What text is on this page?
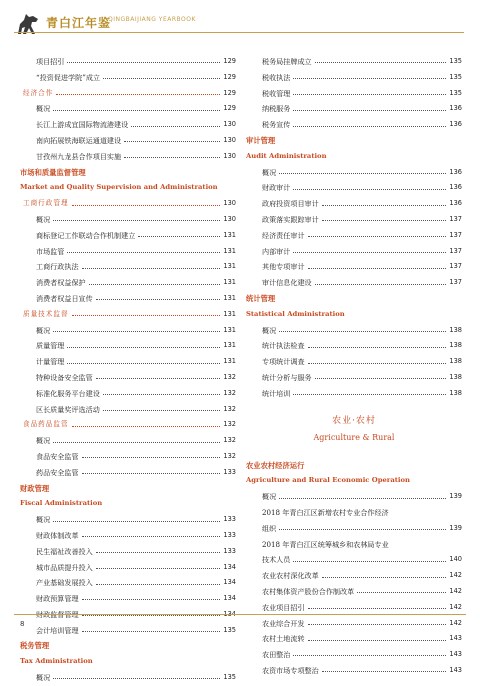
青白江年鉴
QINGBAIJIANG YEARBOOK
项目招引	129
“投资促进学院”成立	129
经济合作	129
概况	129
长江上游成宜国际物流港建设	130
南向拓展铁海联运通道建设	130
甘孜州九龙县合作项目实施	130
市场和质量监督管理
Market and Quality Supervision and Administration
工商行政管理	130
概况	130
商标登记工作联动合作机制建立	131
市场监管	131
工商行政执法	131
消费者权益保护	131
消费者权益日宣传	131
质量技术监督	131
概况	131
质量管理	131
计量管理	131
特种设备安全监管	132
标准化服务平台建设	132
区长质量奖评选活动	132
食品药品监管	132
概况	132
食品安全监管	132
药品安全监管	133
财政管理
Fiscal Administration
概况	133
财政体制改革	133
民生福祉改善投入	133
城市品质提升投入	134
产业基础发展投入	134
财政预算管理	134
会计培训管理	135
税务管理
Tax Administration
概况	135
税务局挂牌成立	135
税收执法	135
税收管理	135
纳税服务	136
税务宣传	136
审计管理
Audit Administration
概况	136
财政审计	136
政府投资项目审计	136
政策落实跟踪审计	137
经济责任审计	137
内部审计	137
其他专项审计	137
审计信息化建设	137
统计管理
Statistical Administration
概况	138
统计执法检查	138
专项统计调查	138
统计分析与服务	138
统计培训	138
农业·农村
Agriculture & Rural
农业农村经济运行
Agriculture and Rural Economic Operation
概况	139
2018 年青白江区新增农村专业合作经济
组织	139
2018 年青白江区统筹城乡和农林局专业
技术人员	140
农业农村深化改革	142
农村集体资产股份合作制改革	142
农业项目招引	142
农业综合开发	142
农村土地流转	143
农田整治	143
农资市场专项整治	143
8
